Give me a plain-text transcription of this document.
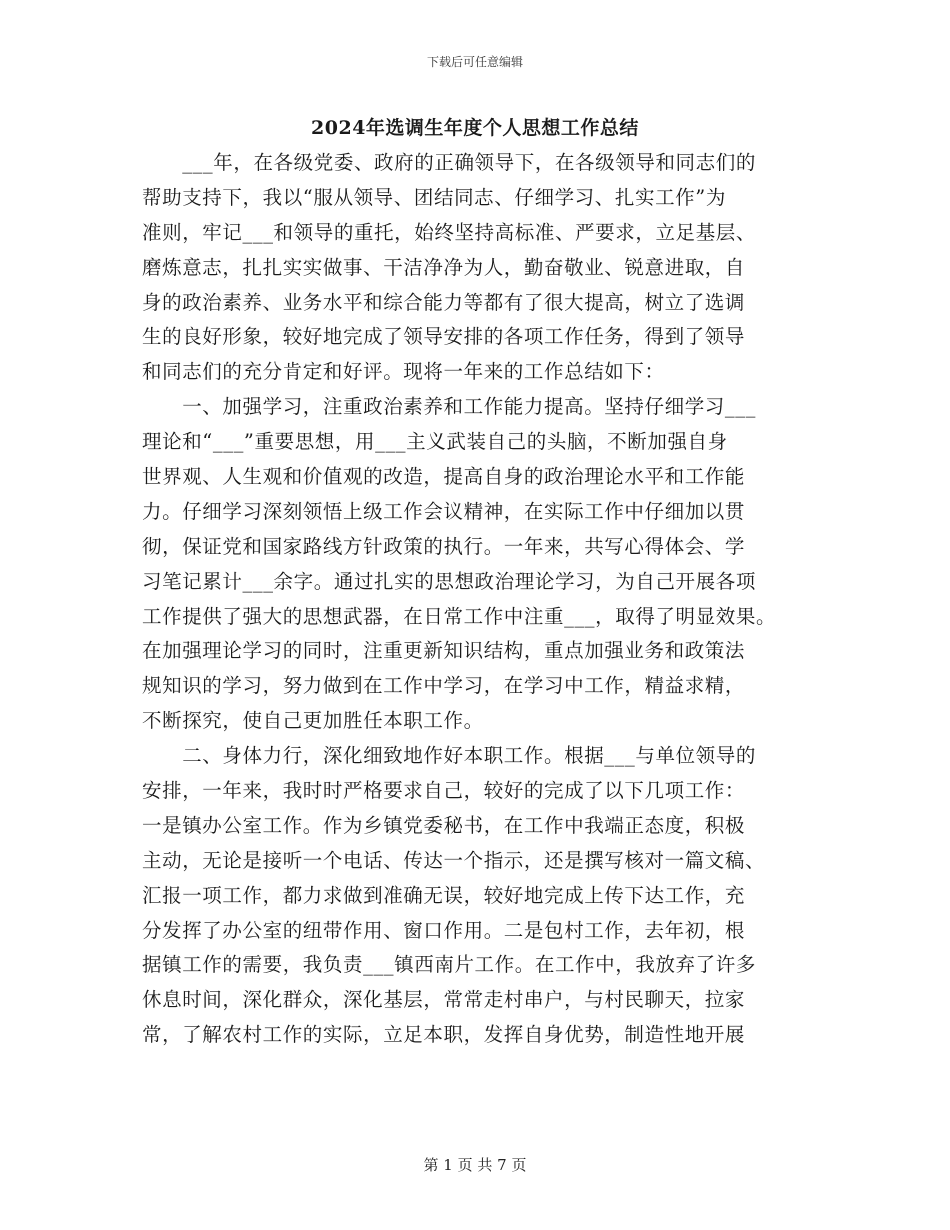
下载后可任意编辑
2024年选调生年度个人思想工作总结
　　___年，在各级党委、政府的正确领导下，在各级领导和同志们的
帮助支持下，我以“服从领导、团结同志、仔细学习、扎实工作”为
准则，牢记___和领导的重托，始终坚持高标准、严要求，立足基层、
磨炼意志，扎扎实实做事、干洁净净为人，勤奋敬业、锐意进取，自
身的政治素养、业务水平和综合能力等都有了很大提高，树立了选调
生的良好形象，较好地完成了领导安排的各项工作任务，得到了领导
和同志们的充分肯定和好评。现将一年来的工作总结如下：
　　一、加强学习，注重政治素养和工作能力提高。坚持仔细学习___
理论和“___”重要思想，用___主义武装自己的头脑，不断加强自身
世界观、人生观和价值观的改造，提高自身的政治理论水平和工作能
力。仔细学习深刻领悟上级工作会议精神，在实际工作中仔细加以贯
彻，保证党和国家路线方针政策的执行。一年来，共写心得体会、学
习笔记累计___余字。通过扎实的思想政治理论学习，为自己开展各项
工作提供了强大的思想武器，在日常工作中注重___，取得了明显效果。
在加强理论学习的同时，注重更新知识结构，重点加强业务和政策法
规知识的学习，努力做到在工作中学习，在学习中工作，精益求精，
不断探究，使自己更加胜任本职工作。
　　二、身体力行，深化细致地作好本职工作。根据___与单位领导的
安排，一年来，我时时严格要求自己，较好的完成了以下几项工作：
一是镇办公室工作。作为乡镇党委秘书，在工作中我端正态度，积极
主动，无论是接听一个电话、传达一个指示，还是撰写核对一篇文稿、
汇报一项工作，都力求做到准确无误，较好地完成上传下达工作，充
分发挥了办公室的纽带作用、窗口作用。二是包村工作，去年初，根
据镇工作的需要，我负责___镇西南片工作。在工作中，我放弃了许多
休息时间，深化群众，深化基层，常常走村串户，与村民聊天，拉家
常，了解农村工作的实际，立足本职，发挥自身优势，制造性地开展
第 1 页 共 7 页
